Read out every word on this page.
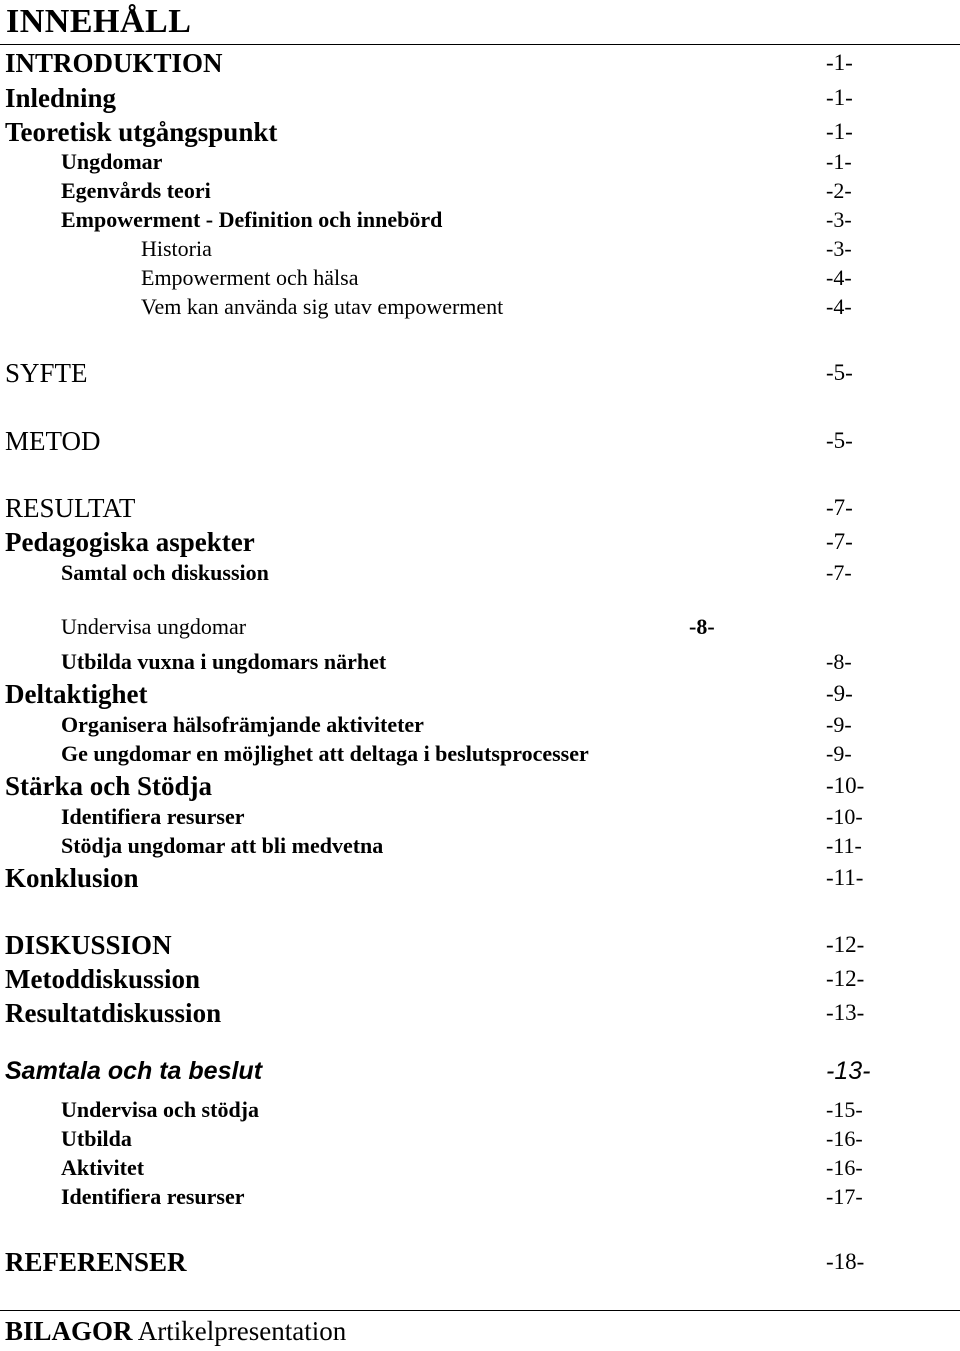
INNEHÅLL
INTRODUKTION	-1-
Inledning	-1-
Teoretisk utgångspunkt	-1-
Ungdomar	-1-
Egenvårds teori	-2-
Empowerment - Definition och innebörd	-3-
Historia	-3-
Empowerment och hälsa	-4-
Vem kan använda sig utav empowerment	-4-
SYFTE	-5-
METOD	-5-
RESULTAT	-7-
Pedagogiska aspekter	-7-
Samtal och diskussion	-7-
Undervisa ungdomar	-8-
Utbilda vuxna i ungdomars närhet	-8-
Deltaktighet	-9-
Organisera hälsofrämjande aktiviteter	-9-
Ge ungdomar en möjlighet att deltaga i beslutsprocesser	-9-
Stärka och Stödja	-10-
Identifiera resurser	-10-
Stödja ungdomar att bli medvetna	-11-
Konklusion	-11-
DISKUSSION	-12-
Metoddiskussion	-12-
Resultatdiskussion	-13-
Samtala och ta beslut	-13-
Undervisa och stödja	-15-
Utbilda	-16-
Aktivitet	-16-
Identifiera resurser	-17-
REFERENSER	-18-
BILAGOR Artikelpresentation
